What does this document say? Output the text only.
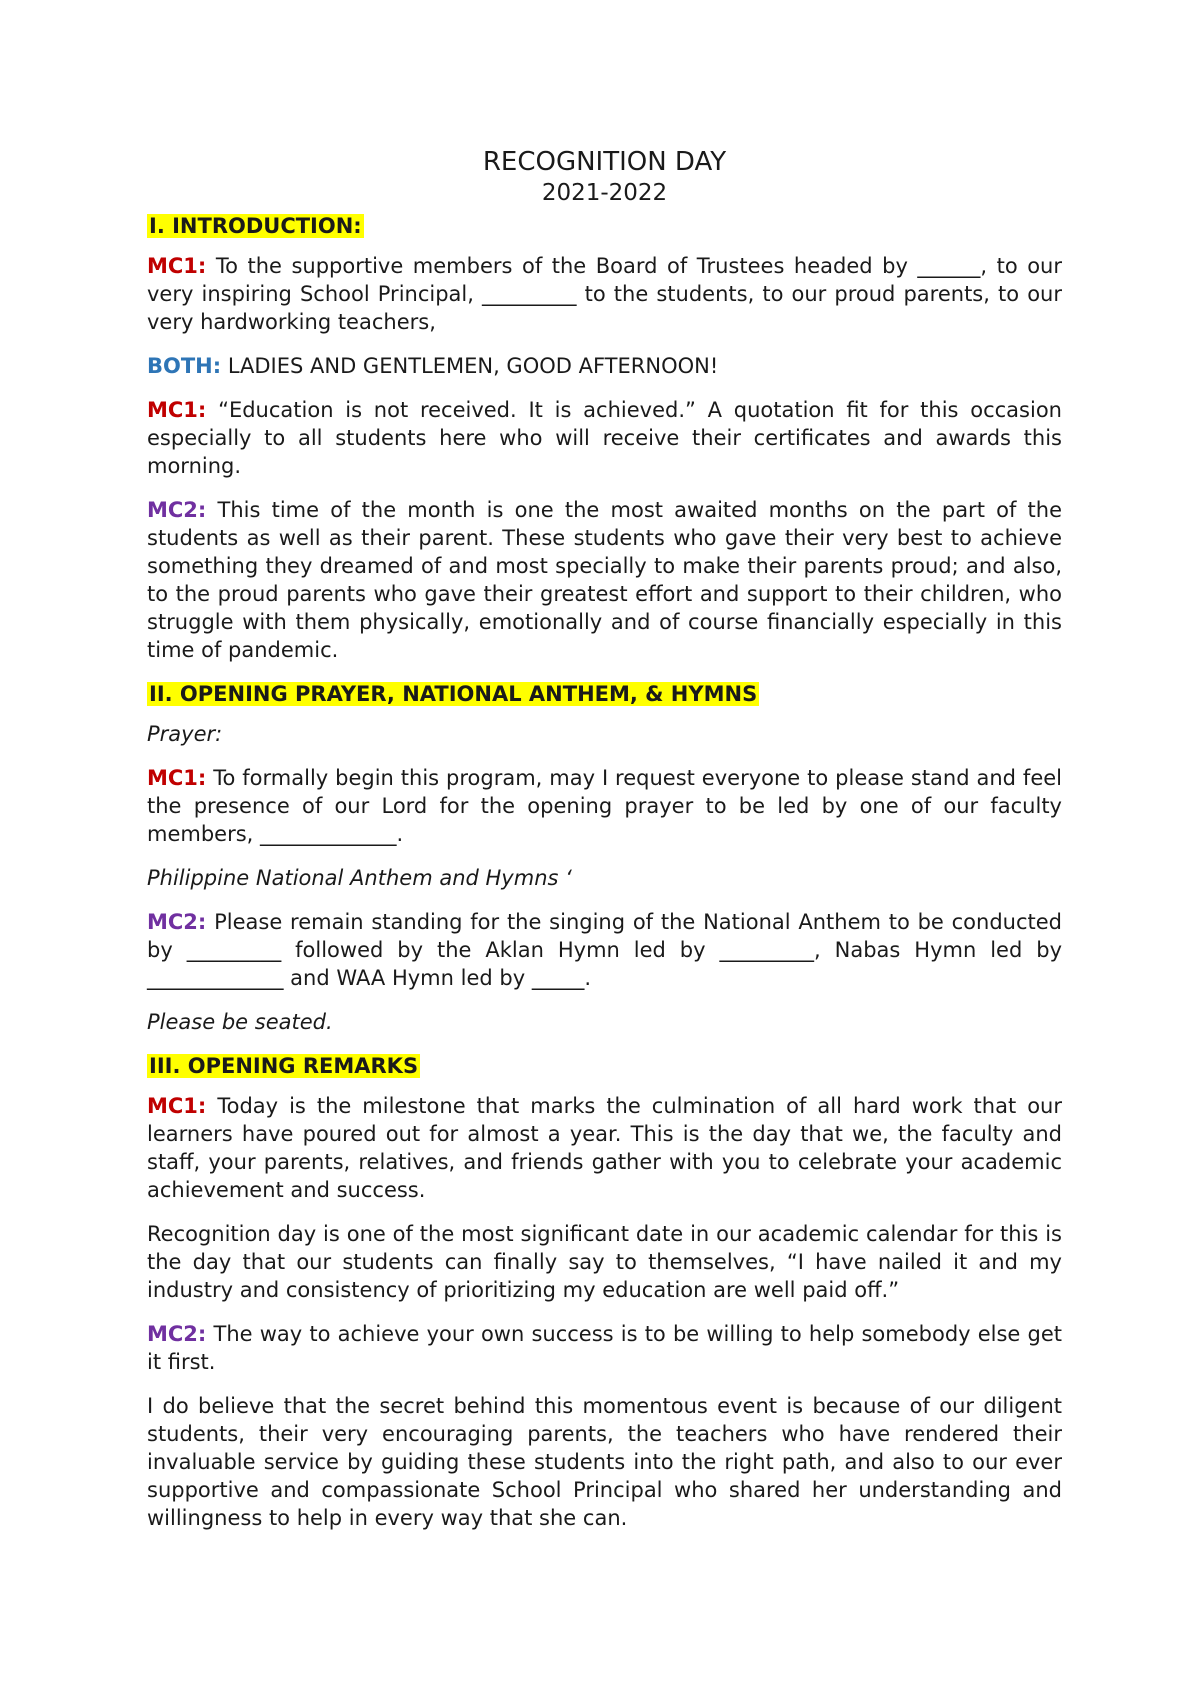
RECOGNITION DAY

2021-2022

I. INTRODUCTION:

MC1: To the supportive members of the Board of Trustees headed by ______, to our very inspiring School Principal, _________ to the students, to our proud parents, to our very hardworking teachers,

BOTH: LADIES AND GENTLEMEN, GOOD AFTERNOON!

MC1: “Education is not received. It is achieved.” A quotation fit for this occasion especially to all students here who will receive their certificates and awards this morning.

MC2: This time of the month is one the most awaited months on the part of the students as well as their parent. These students who gave their very best to achieve something they dreamed of and most specially to make their parents proud; and also, to the proud parents who gave their greatest effort and support to their children, who struggle with them physically, emotionally and of course financially especially in this time of pandemic.

II. OPENING PRAYER, NATIONAL ANTHEM, & HYMNS

Prayer:

MC1: To formally begin this program, may I request everyone to please stand and feel the presence of our Lord for the opening prayer to be led by one of our faculty members, _____________.

Philippine National Anthem and Hymns ‘

MC2: Please remain standing for the singing of the National Anthem to be conducted by _________ followed by the Aklan Hymn led by _________, Nabas Hymn led by _____________ and WAA Hymn led by _____.

Please be seated.

III. OPENING REMARKS

MC1: Today is the milestone that marks the culmination of all hard work that our learners have poured out for almost a year. This is the day that we, the faculty and staff, your parents, relatives, and friends gather with you to celebrate your academic achievement and success.

Recognition day is one of the most significant date in our academic calendar for this is the day that our students can finally say to themselves, “I have nailed it and my industry and consistency of prioritizing my education are well paid off.”

MC2: The way to achieve your own success is to be willing to help somebody else get it first.

I do believe that the secret behind this momentous event is because of our diligent students, their very encouraging parents, the teachers who have rendered their invaluable service by guiding these students into the right path, and also to our ever supportive and compassionate School Principal who shared her understanding and willingness to help in every way that she can.
